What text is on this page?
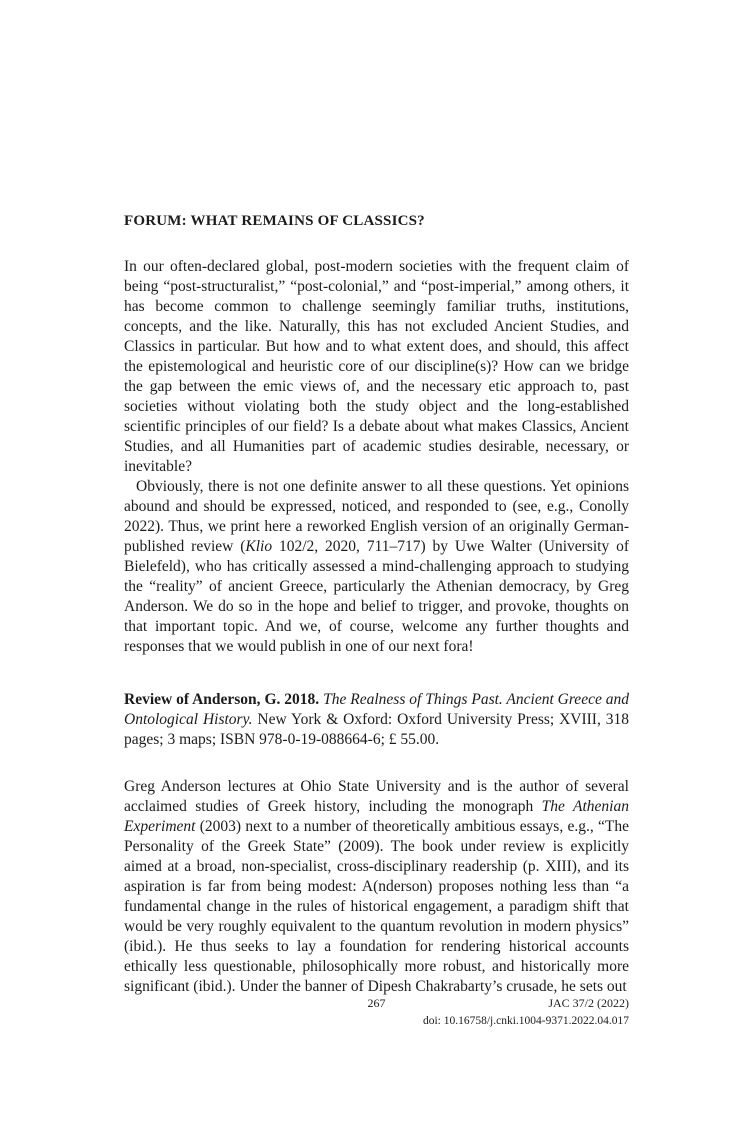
FORUM: WHAT REMAINS OF CLASSICS?

In our often-declared global, post-modern societies with the frequent claim of being “post-structuralist,” “post-colonial,” and “post-imperial,” among others, it has become common to challenge seemingly familiar truths, institutions, concepts, and the like. Naturally, this has not excluded Ancient Studies, and Classics in particular. But how and to what extent does, and should, this affect the epistemological and heuristic core of our discipline(s)? How can we bridge the gap between the emic views of, and the necessary etic approach to, past societies without violating both the study object and the long-established scientific principles of our field? Is a debate about what makes Classics, Ancient Studies, and all Humanities part of academic studies desirable, necessary, or inevitable?

Obviously, there is not one definite answer to all these questions. Yet opinions abound and should be expressed, noticed, and responded to (see, e.g., Conolly 2022). Thus, we print here a reworked English version of an originally German-published review (Klio 102/2, 2020, 711–717) by Uwe Walter (University of Bielefeld), who has critically assessed a mind-challenging approach to studying the “reality” of ancient Greece, particularly the Athenian democracy, by Greg Anderson. We do so in the hope and belief to trigger, and provoke, thoughts on that important topic. And we, of course, welcome any further thoughts and responses that we would publish in one of our next fora!

Review of Anderson, G. 2018. The Realness of Things Past. Ancient Greece and Ontological History. New York & Oxford: Oxford University Press; XVIII, 318 pages; 3 maps; ISBN 978-0-19-088664-6; £ 55.00.

Greg Anderson lectures at Ohio State University and is the author of several acclaimed studies of Greek history, including the monograph The Athenian Experiment (2003) next to a number of theoretically ambitious essays, e.g., “The Personality of the Greek State” (2009). The book under review is explicitly aimed at a broad, non-specialist, cross-disciplinary readership (p. XIII), and its aspiration is far from being modest: A(nderson) proposes nothing less than “a fundamental change in the rules of historical engagement, a paradigm shift that would be very roughly equivalent to the quantum revolution in modern physics” (ibid.). He thus seeks to lay a foundation for rendering historical accounts ethically less questionable, philosophically more robust, and historically more significant (ibid.). Under the banner of Dipesh Chakrabarty’s crusade, he sets out

267	JAC 37/2 (2022)
doi: 10.16758/j.cnki.1004-9371.2022.04.017
